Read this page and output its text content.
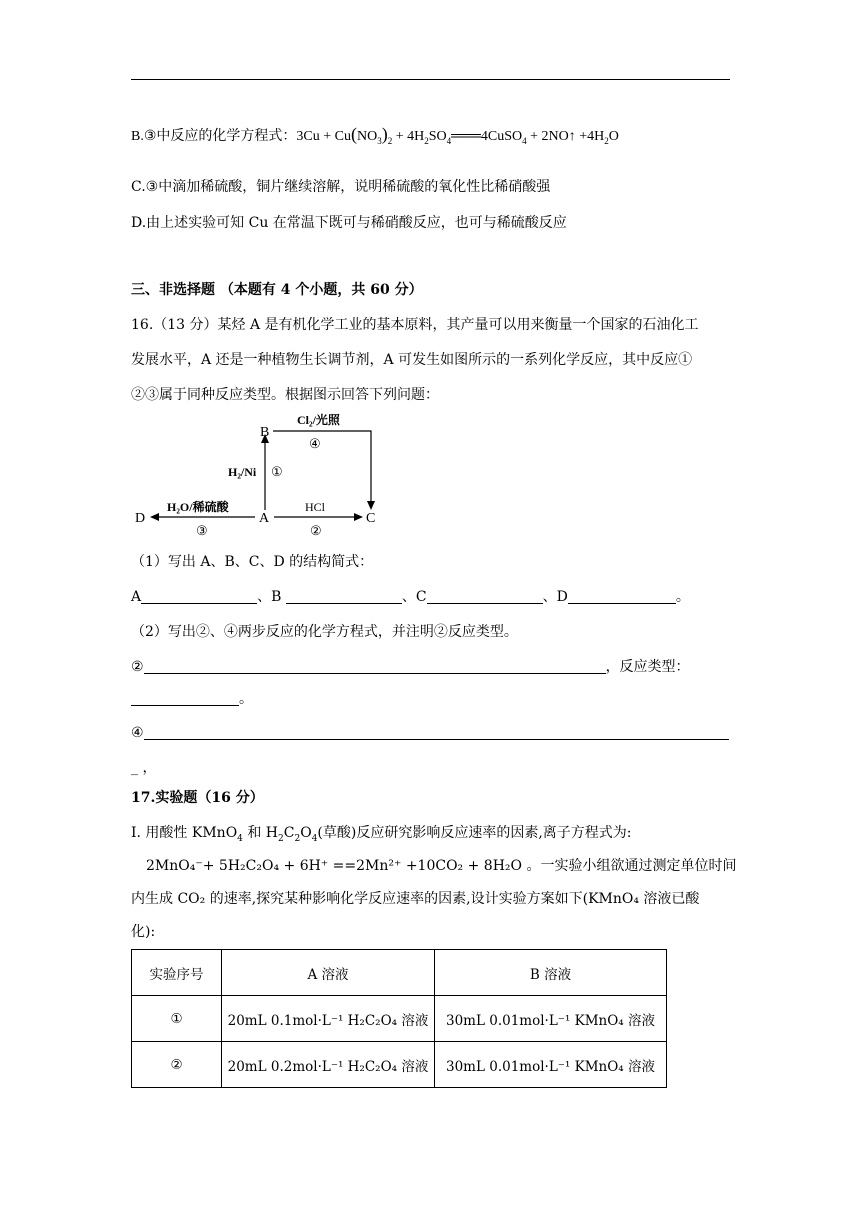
B.③中反应的化学方程式：$3Cu + Cu(NO_3)_2$ + $4H_2SO_4═══4CuSO_4$ + 2NO↑ $+4H_2O$
C.③中滴加稀硫酸，铜片继续溶解，说明稀硫酸的氧化性比稀硝酸强
D.由上述实验可知 Cu 在常温下既可与稀硝酸反应，也可与稀硫酸反应
三、非选择题 （本题有 4 个小题，共 60 分）
16.（13 分）某烃 A 是有机化学工业的基本原料，其产量可以用来衡量一个国家的石油化工
发展水平，A 还是一种植物生长调节剂，A 可发生如图所示的一系列化学反应，其中反应①
②③属于同种反应类型。根据图示回答下列问题：
B
A	C
D
Cl₂/光照
④
H₂/Ni ①
HCl
②
H₂O/稀硫酸
③
（1）写出 A、B、C、D 的结构简式：
A	、B	、C	、D	。
（2）写出②、④两步反应的化学方程式，并注明②反应类型。
②	，反应类型：
。
④
_ ，
17.实验题（16 分）
I. 用酸性 KMnO$_4$ 和 $H_2C_2O_4$(草酸)反应研究影响反应速率的因素,离子方程式为:
2MnO₄⁻+ 5H₂C₂O₄ + 6H⁺ ==2Mn²⁺ +10CO₂ + 8H₂O 。一实验小组欲通过测定单位时间
内生成 CO₂ 的速率,探究某种影响化学反应速率的因素,设计实验方案如下(KMnO₄ 溶液已酸
化):
实验序号	A 溶液	B 溶液
①	20mL 0.1mol·L⁻¹ H₂C₂O₄ 溶液	30mL 0.01mol·L⁻¹ KMnO₄ 溶液
②	20mL 0.2mol·L⁻¹ H₂C₂O₄ 溶液	30mL 0.01mol·L⁻¹ KMnO₄ 溶液
